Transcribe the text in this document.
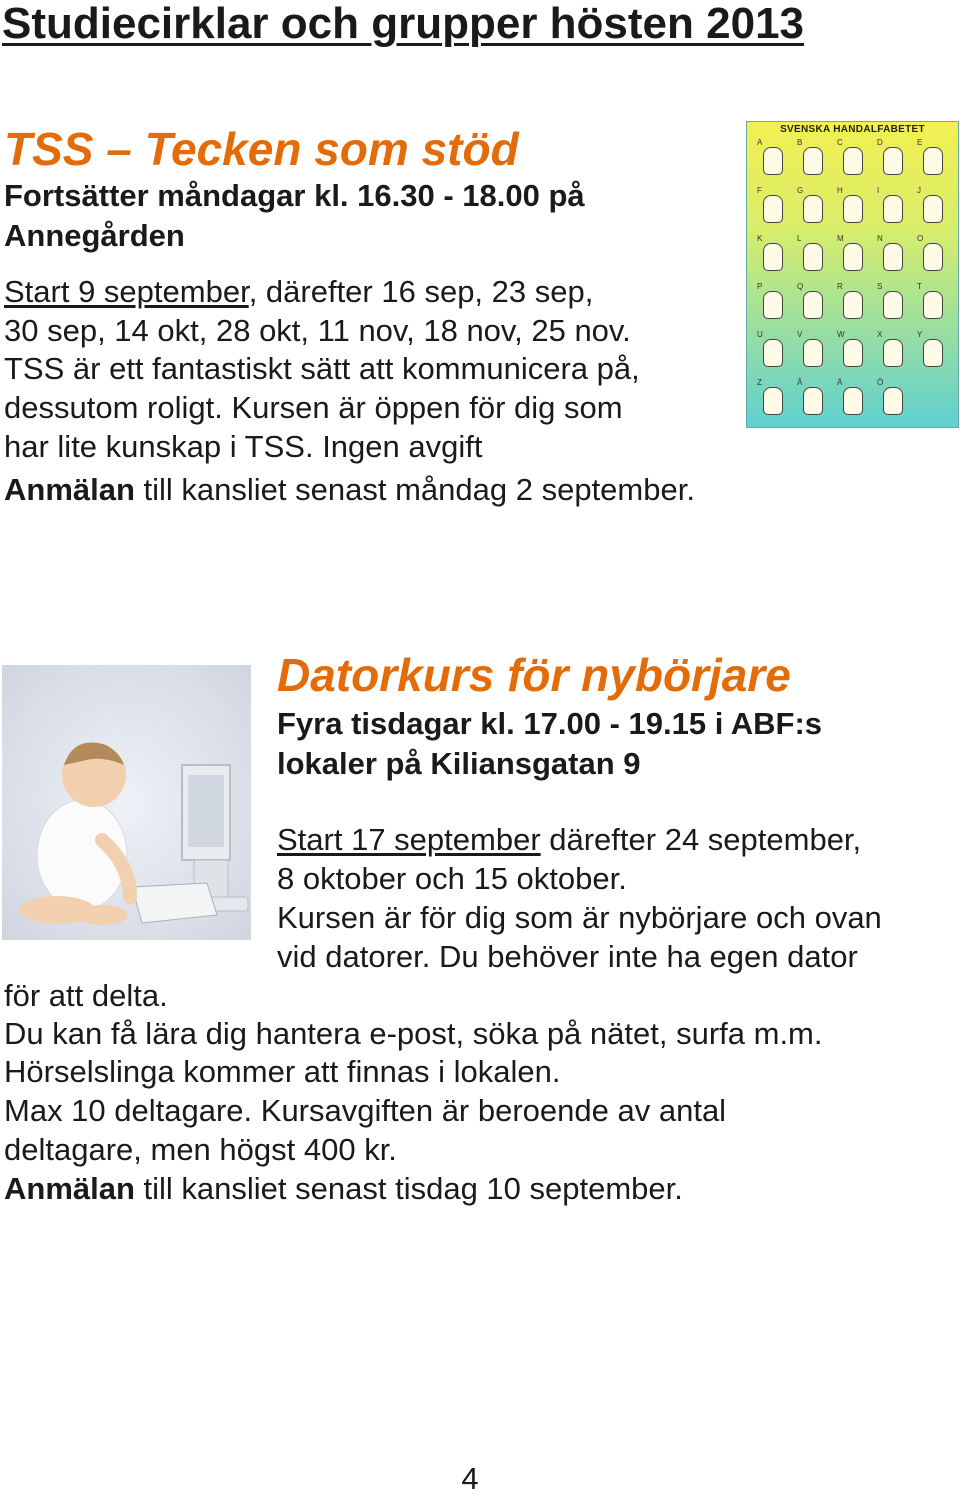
Studiecirklar och grupper hösten 2013
TSS – Tecken som stöd
Fortsätter måndagar kl. 16.30 - 18.00 på
Annegården
Start 9 september, därefter 16 sep, 23 sep,
30 sep, 14 okt, 28 okt, 11 nov, 18 nov, 25 nov.
TSS är ett fantastiskt sätt att kommunicera på,
dessutom roligt. Kursen är öppen för dig som
har lite kunskap i TSS. Ingen avgift
Anmälan till kansliet senast måndag 2 september.
SVENSKA HANDALFABETET
A	B	C	D	E
F	G	H	I	J
K	L	M	N	O
P	Q	R	S	T
U	V	W	X	Y
Z	Å	Ä	Ö
Datorkurs för nybörjare
Fyra tisdagar kl. 17.00 - 19.15 i ABF:s
lokaler på Kiliansgatan 9
Start 17 september därefter 24 september,
8 oktober och 15 oktober.
Kursen är för dig som är nybörjare och ovan
vid datorer. Du behöver inte ha egen dator
för att delta.
Du kan få lära dig hantera e-post, söka på nätet, surfa m.m.
Hörselslinga kommer att finnas i lokalen.
Max 10 deltagare. Kursavgiften är beroende av antal
deltagare, men högst 400 kr.
Anmälan till kansliet senast tisdag 10 september.
4
